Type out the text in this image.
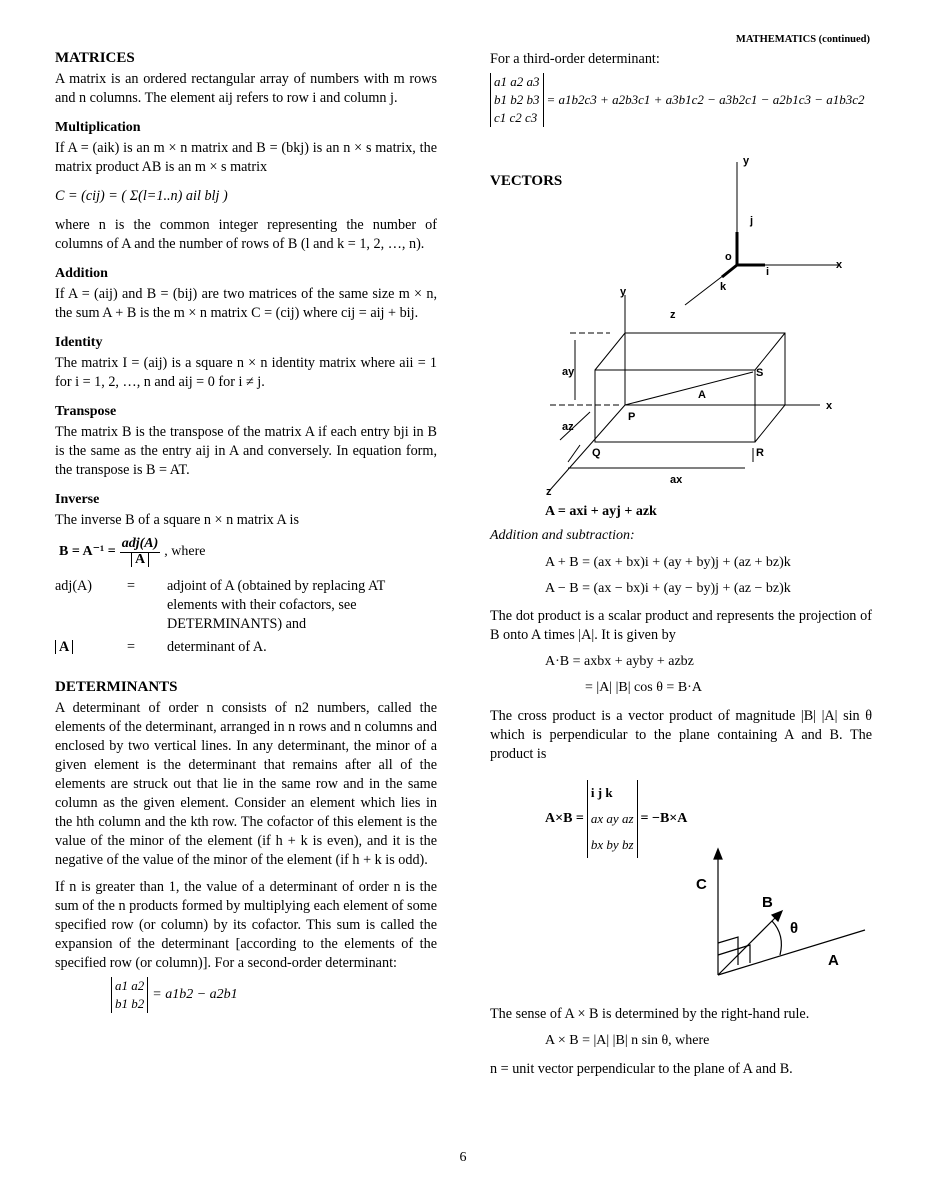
MATHEMATICS (continued)
MATRICES

A matrix is an ordered rectangular array of numbers with m rows and n columns. The element aij refers to row i and column j.

Multiplication

If A = (aik) is an m × n matrix and B = (bkj) is an n × s matrix, the matrix product AB is an m × s matrix

C = (cij) = ( Σ(l=1..n) ail blj )

where n is the common integer representing the number of columns of A and the number of rows of B (l and k = 1, 2, …, n).

Addition

If A = (aij) and B = (bij) are two matrices of the same size m × n, the sum A + B is the m × n matrix C = (cij) where cij = aij + bij.

Identity

The matrix I = (aij) is a square n × n identity matrix where aii = 1 for i = 1, 2, …, n and aij = 0 for i ≠ j.

Transpose

The matrix B is the transpose of the matrix A if each entry bji in B is the same as the entry aij in A and conversely. In equation form, the transpose is B = AT.

Inverse

The inverse B of a square n × n matrix A is

B = A⁻¹ =
adj(A)
A
, where
adj(A)	=	adjoint of A (obtained by replacing AT elements with their cofactors, see DETERMINANTS) and
A	=	determinant of A.
DETERMINANTS

A determinant of order n consists of n2 numbers, called the elements of the determinant, arranged in n rows and n columns and enclosed by two vertical lines. In any determinant, the minor of a given element is the determinant that remains after all of the elements are struck out that lie in the same row and in the same column as the given element. Consider an element which lies in the hth column and the kth row. The cofactor of this element is the value of the minor of the element (if h + k is even), and it is the negative of the value of the minor of the element (if h + k is odd).

If n is greater than 1, the value of a determinant of order n is the sum of the n products formed by multiplying each element of some specified row (or column) by its cofactor. This sum is called the expansion of the determinant [according to the elements of the specified row (or column)]. For a second-order determinant:

a1 a2
b1 b2
= a1b2 − a2b1

For a third-order determinant:

a1 a2 a3
b1 b2 b3
c1 c2 c3
= a1b2c3 + a2b3c1 + a3b1c2 − a3b2c1 − a2b1c3 − a1b3c2
VECTORS
y
j
o
i
x
k
z
y
ay	S
A
x
P
az
Q	R
ax
z
A = axi + ayj + azk
Addition and subtraction:
A + B = (ax + bx)i + (ay + by)j + (az + bz)k
A − B = (ax − bx)i + (ay − by)j + (az − bz)k

The dot product is a scalar product and represents the projection of B onto A times |A|. It is given by

A·B = axbx + ayby + azbz
= |A| |B| cos θ = B·A

The cross product is a vector product of magnitude |B| |A| sin θ which is perpendicular to the plane containing A and B. The product is

A×B =
i j k
ax ay az
bx by bz
= −B×A
C
B
θ
A

The sense of A × B is determined by the right-hand rule.

A × B = |A| |B| n sin θ, where

n = unit vector perpendicular to the plane of A and B.

6
